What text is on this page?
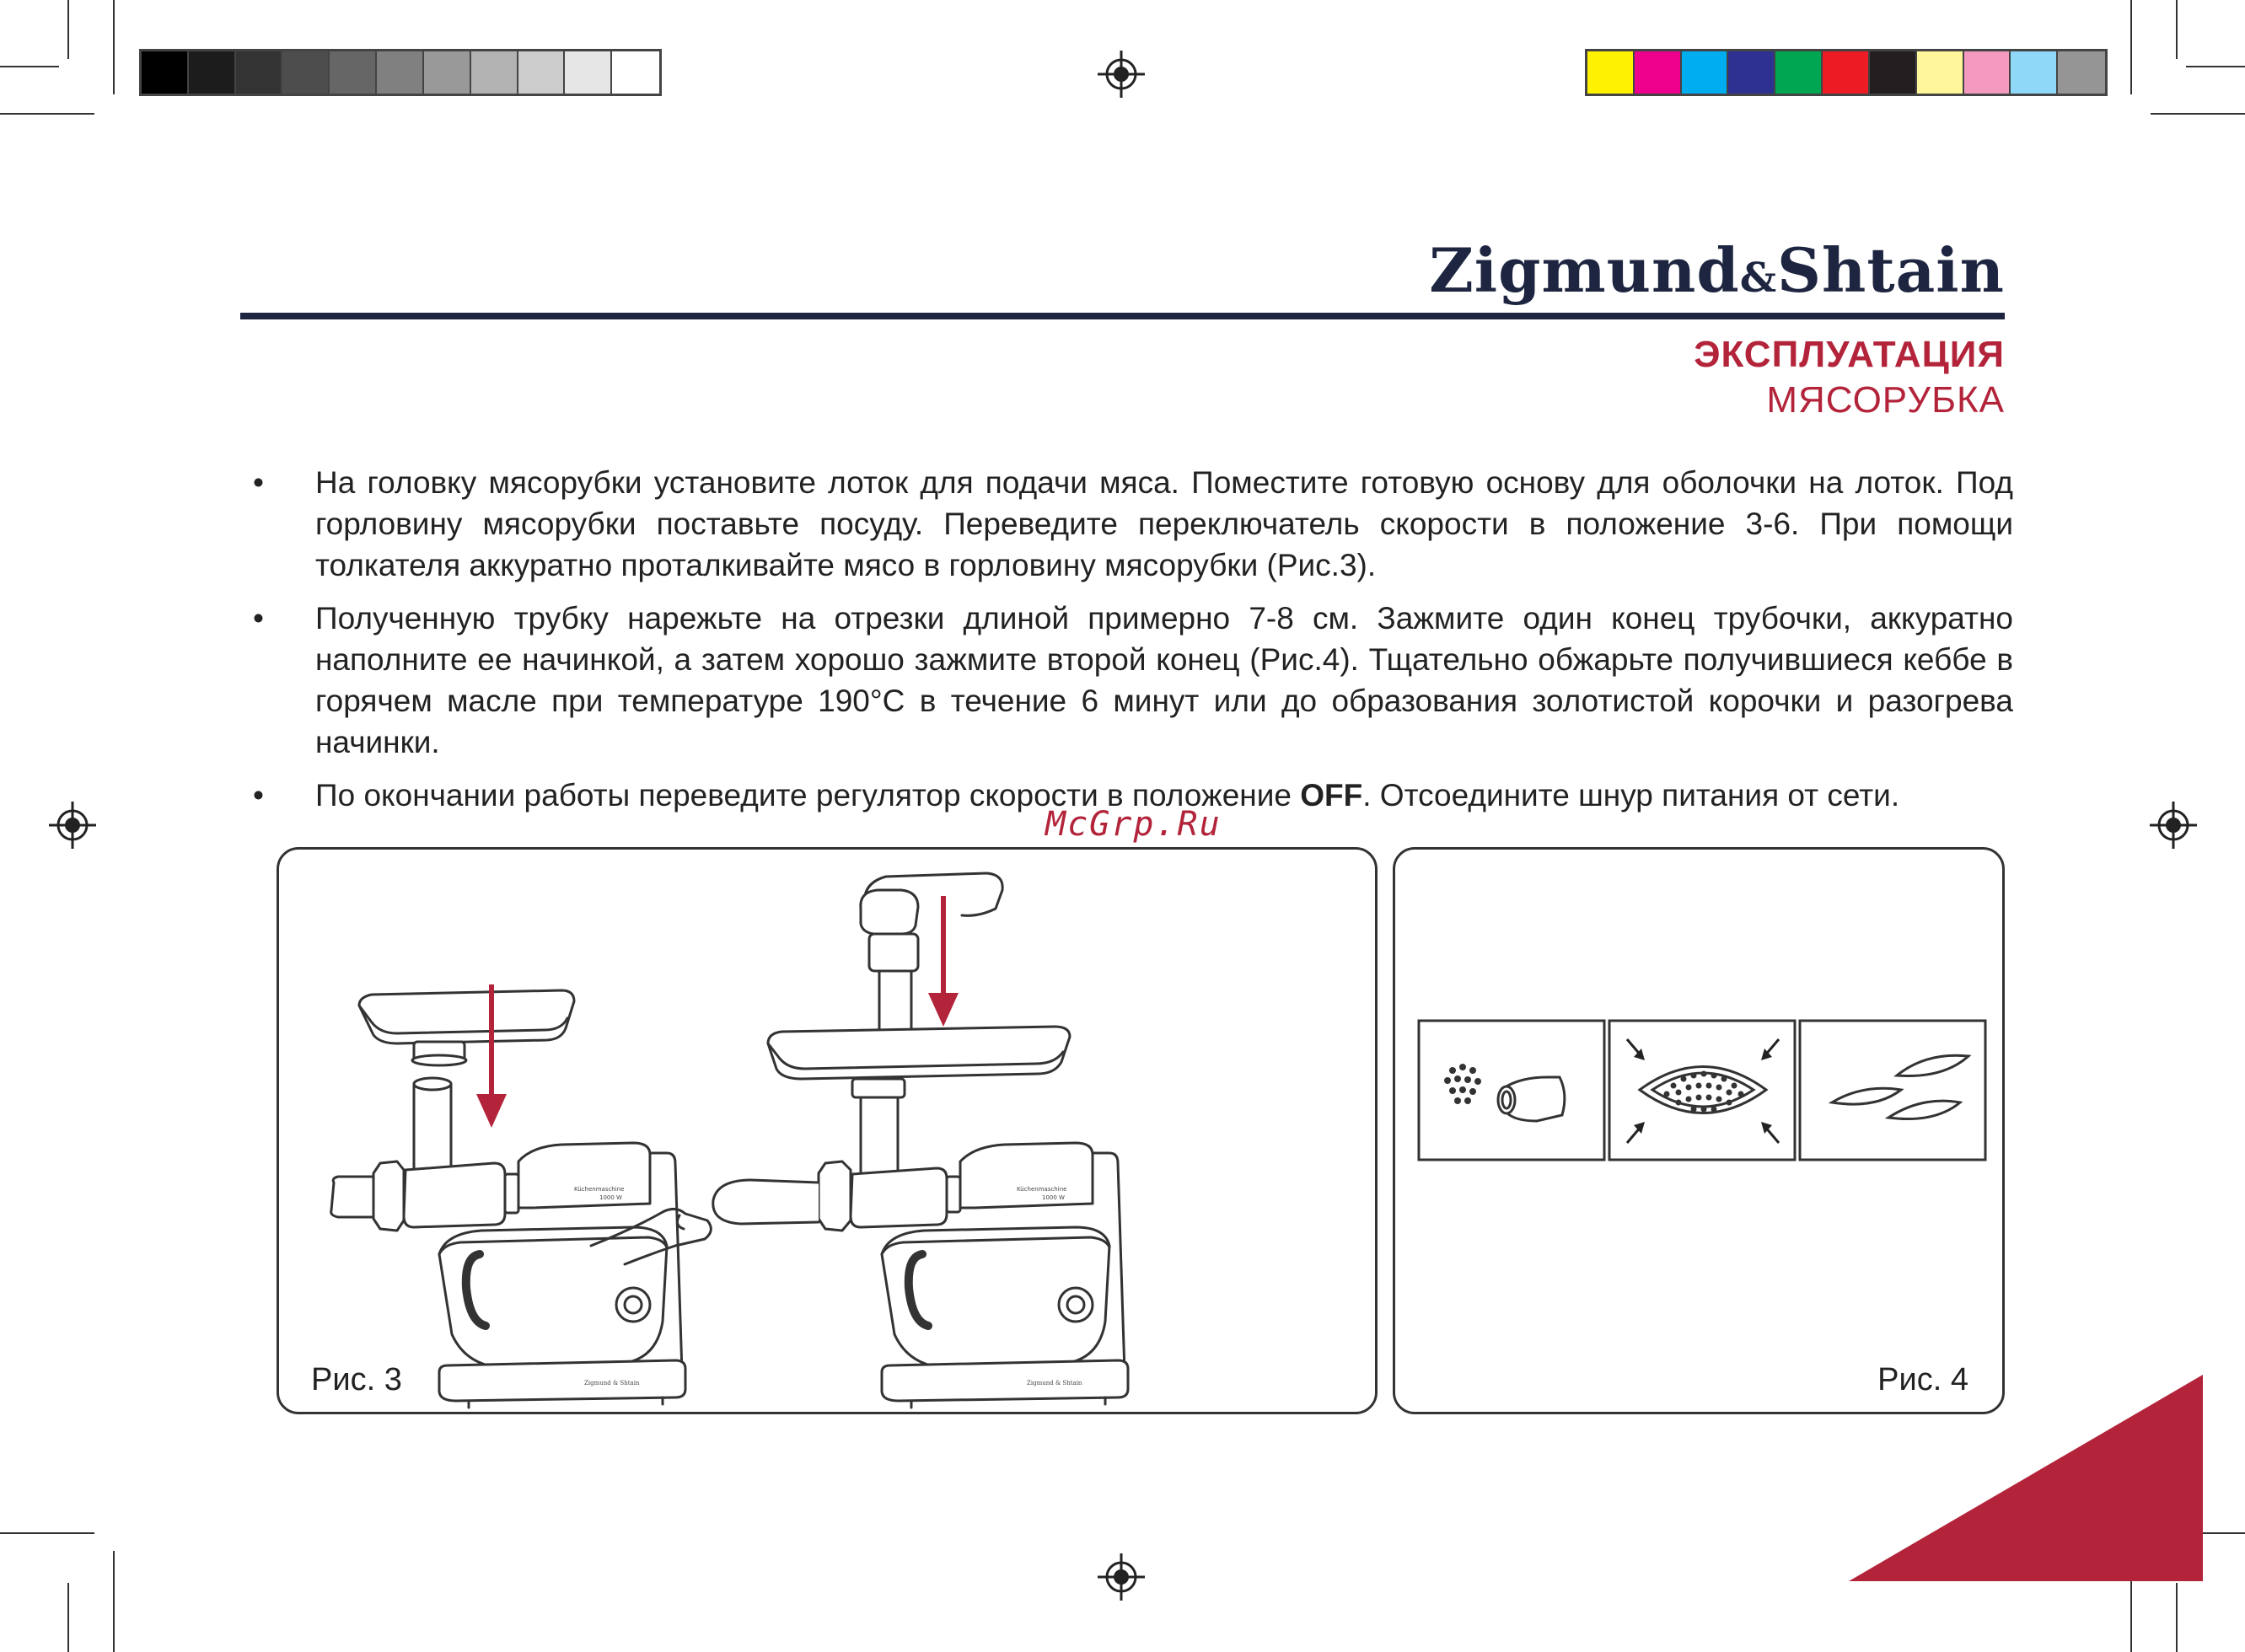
Zigmund&Shtain
ЭКСПЛУАТАЦИЯ
МЯСОРУБКА
• На головку мясорубки установите лоток для подачи мяса. Поместите готовую основу для оболочки на лоток. Под горловину мясорубки поставьте посуду. Переведите переключатель скорости в положение 3-6. При помощи толкателя аккуратно проталкивайте мясо в горловину мясорубки (Рис.3).
• Полученную трубку нарежьте на отрезки длиной примерно 7-8 см. Зажмите один конец трубочки, аккуратно наполните ее начинкой, а затем хорошо зажмите второй конец (Рис.4). Тщательно обжарьте получившиеся кеббе в горячем масле при температуре 190°C в течение 6 минут или до образования золотистой корочки и разогрева начинки.
• По окончании работы переведите регулятор скорости в положение OFF. Отсоедините шнур питания от сети.
McGrp.Ru
Küchenmaschine
1000 W
Zigmund & Shtain
Küchenmaschine
1000 W
Zigmund & Shtain
Рис. 3	Рис. 4
